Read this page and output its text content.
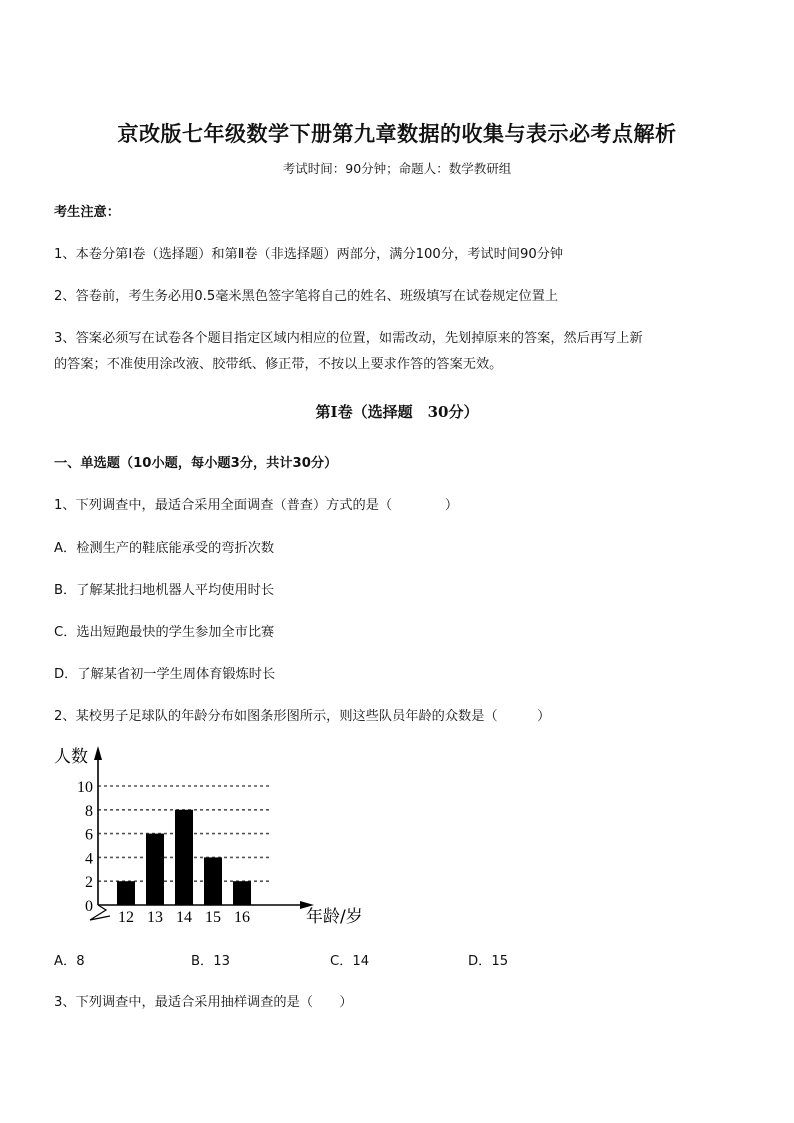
京改版七年级数学下册第九章数据的收集与表示必考点解析
考试时间：90分钟；命题人：数学教研组
考生注意：
1、本卷分第Ⅰ卷（选择题）和第Ⅱ卷（非选择题）两部分，满分100分，考试时间90分钟
2、答卷前，考生务必用0.5毫米黑色签字笔将自己的姓名、班级填写在试卷规定位置上
3、答案必须写在试卷各个题目指定区域内相应的位置，如需改动，先划掉原来的答案，然后再写上新
的答案；不准使用涂改液、胶带纸、修正带，不按以上要求作答的答案无效。
第Ⅰ卷（选择题　30分）
一、单选题（10小题，每小题3分，共计30分）
1、下列调查中，最适合采用全面调查（普查）方式的是（　　　　）
A．检测生产的鞋底能承受的弯折次数
B．了解某批扫地机器人平均使用时长
C．选出短跑最快的学生参加全市比赛
D．了解某省初一学生周体育锻炼时长
2、某校男子足球队的年龄分布如图条形图所示，则这些队员年龄的众数是（　　　）
0
2
4
6
8
10
12 13 14 15 16
人数
年龄/岁
A．8	B．13	C．14	D．15
3、下列调查中，最适合采用抽样调查的是（　　）
